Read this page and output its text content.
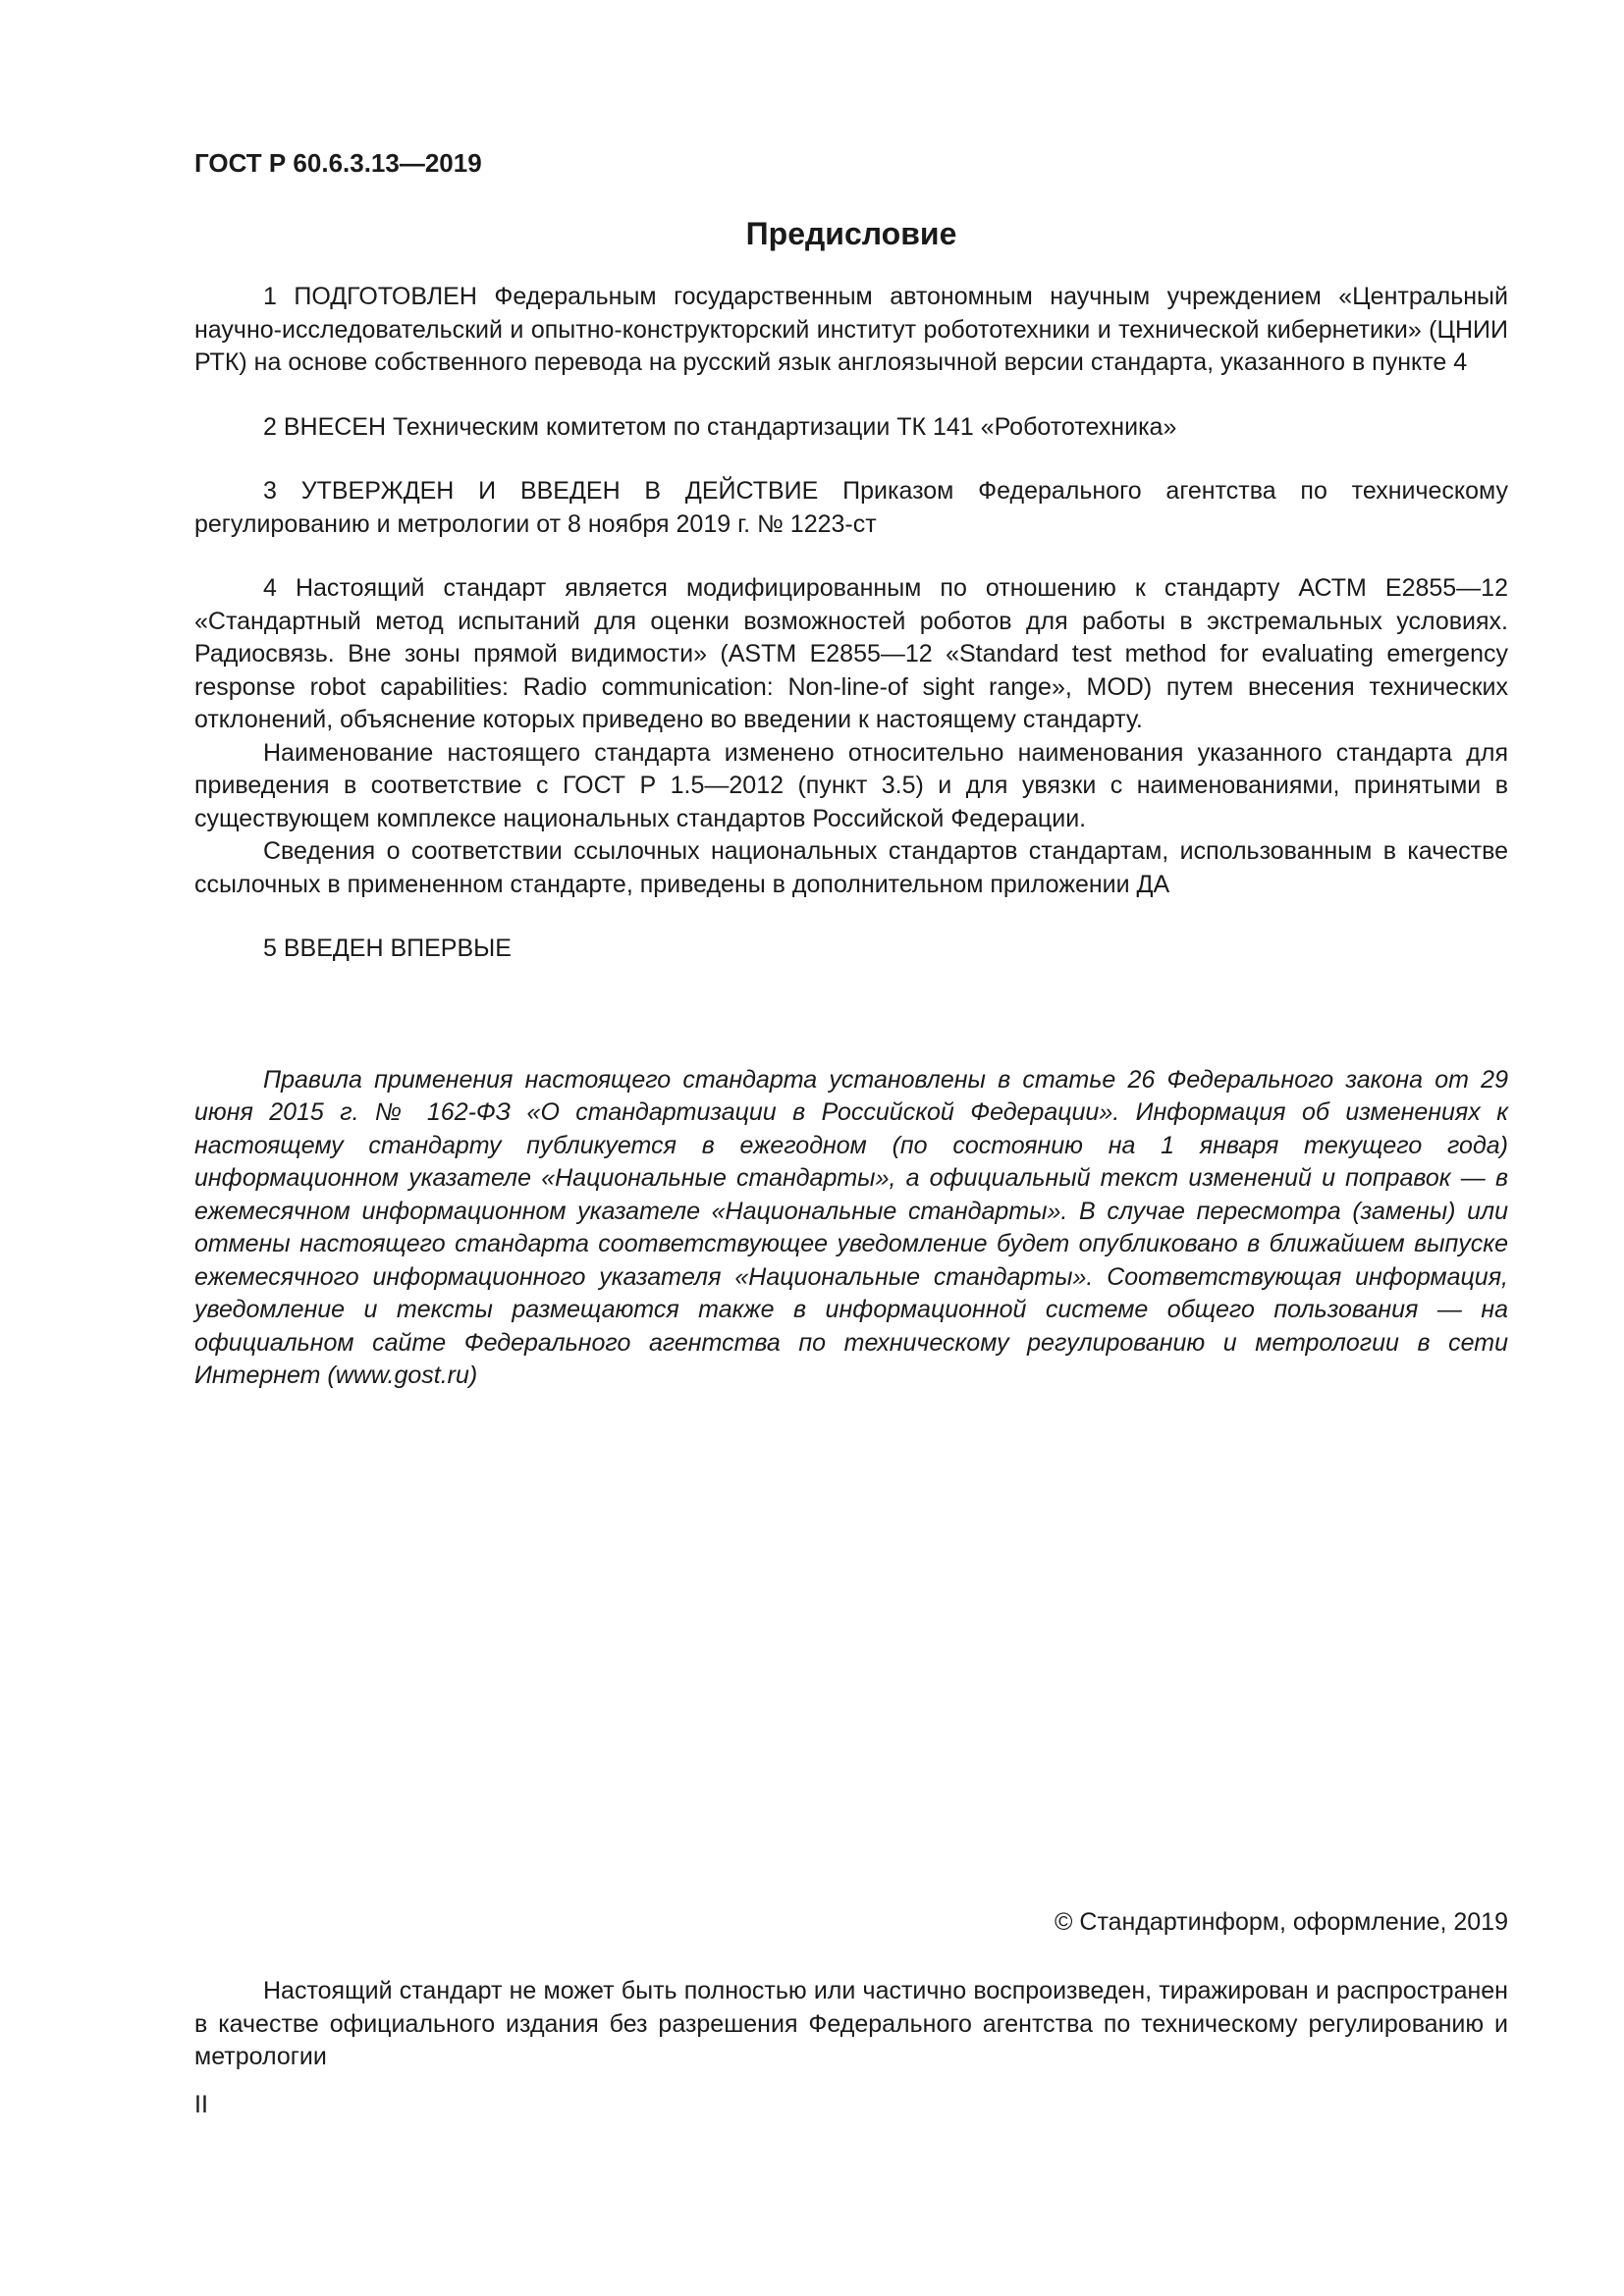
ГОСТ Р 60.6.3.13—2019
Предисловие

1 ПОДГОТОВЛЕН Федеральным государственным автономным научным учреждением «Центральный научно-исследовательский и опытно-конструкторский институт робототехники и технической кибернетики» (ЦНИИ РТК) на основе собственного перевода на русский язык англоязычной версии стандарта, указанного в пункте 4

2 ВНЕСЕН Техническим комитетом по стандартизации ТК 141 «Робототехника»

3 УТВЕРЖДЕН И ВВЕДЕН В ДЕЙСТВИЕ Приказом Федерального агентства по техническому регулированию и метрологии от 8 ноября 2019 г. № 1223-ст

4 Настоящий стандарт является модифицированным по отношению к стандарту АСТМ Е2855—12 «Стандартный метод испытаний для оценки возможностей роботов для работы в экстремальных условиях. Радиосвязь. Вне зоны прямой видимости» (ASTM E2855—12 «Standard test method for evaluating emergency response robot capabilities: Radio communication: Non-line-of sight range», MOD) путем внесения технических отклонений, объяснение которых приведено во введении к настоящему стандарту.

Наименование настоящего стандарта изменено относительно наименования указанного стандарта для приведения в соответствие с ГОСТ Р 1.5—2012 (пункт 3.5) и для увязки с наименованиями, принятыми в существующем комплексе национальных стандартов Российской Федерации.

Сведения о соответствии ссылочных национальных стандартов стандартам, использованным в качестве ссылочных в примененном стандарте, приведены в дополнительном приложении ДА

5 ВВЕДЕН ВПЕРВЫЕ

Правила применения настоящего стандарта установлены в статье 26 Федерального закона от 29 июня 2015 г. № 162-ФЗ «О стандартизации в Российской Федерации». Информация об изменениях к настоящему стандарту публикуется в ежегодном (по состоянию на 1 января текущего года) информационном указателе «Национальные стандарты», а официальный текст изменений и поправок — в ежемесячном информационном указателе «Национальные стандарты». В случае пересмотра (замены) или отмены настоящего стандарта соответствующее уведомление будет опубликовано в ближайшем выпуске ежемесячного информационного указателя «Национальные стандарты». Соответствующая информация, уведомление и тексты размещаются также в информационной системе общего пользования — на официальном сайте Федерального агентства по техническому регулированию и метрологии в сети Интернет (www.gost.ru)

© Стандартинформ, оформление, 2019

Настоящий стандарт не может быть полностью или частично воспроизведен, тиражирован и распространен в качестве официального издания без разрешения Федерального агентства по техническому регулированию и метрологии

II
